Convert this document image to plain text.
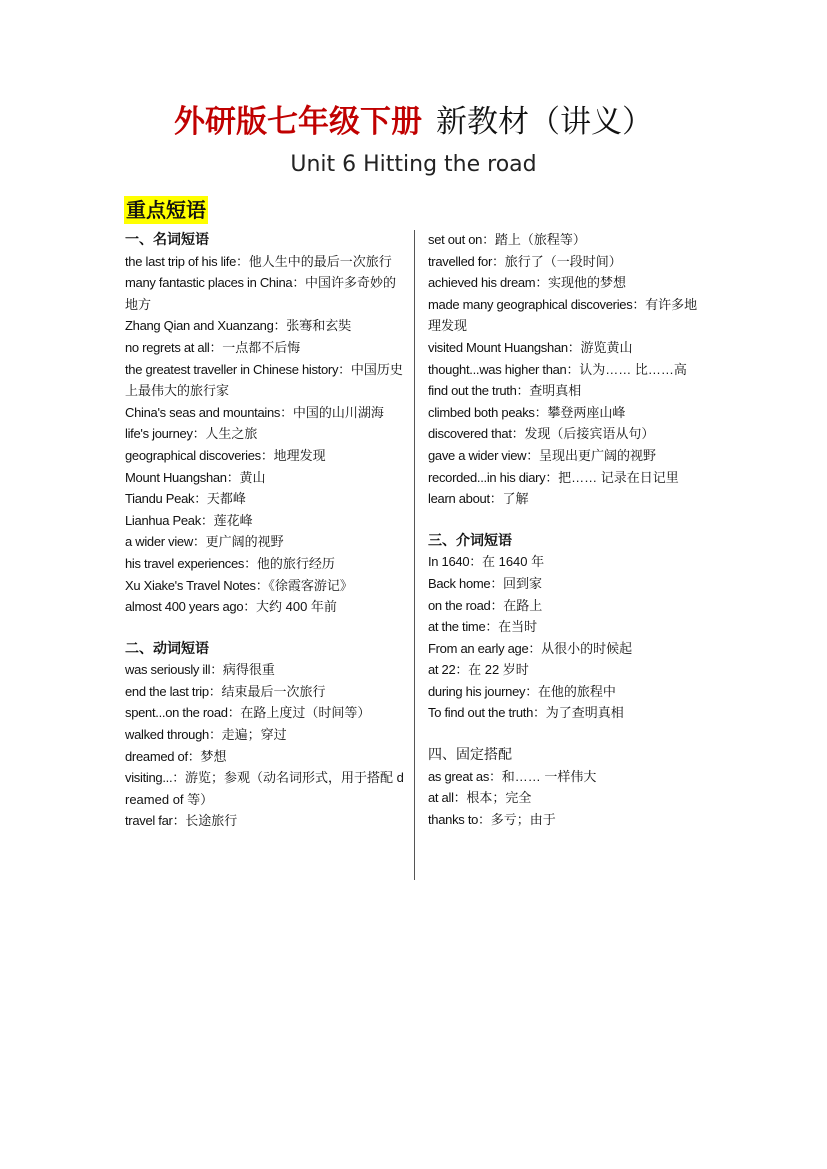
外研版七年级下册 新教材（讲义）
Unit 6 Hitting the road
重点短语
一、名词短语
the last trip of his life：他人生中的最后一次旅行
many fantastic places in China：中国许多奇妙的地方
Zhang Qian and Xuanzang：张骞和玄奘
no regrets at all：一点都不后悔
the greatest traveller in Chinese history：中国历史上最伟大的旅行家
China's seas and mountains：中国的山川湖海
life's journey：人生之旅
geographical discoveries：地理发现
Mount Huangshan：黄山
Tiandu Peak：天都峰
Lianhua Peak：莲花峰
a wider view：更广阔的视野
his travel experiences：他的旅行经历
Xu Xiake's Travel Notes：《徐霞客游记》
almost 400 years ago：大约 400 年前
二、动词短语
was seriously ill：病得很重
end the last trip：结束最后一次旅行
spent...on the road：在路上度过（时间等）
walked through：走遍；穿过
dreamed of：梦想
visiting...：游览；参观（动名词形式，用于搭配 dreamed of 等）
travel far：长途旅行
set out on：踏上（旅程等）
travelled for：旅行了（一段时间）
achieved his dream：实现他的梦想
made many geographical discoveries：有许多地理发现
visited Mount Huangshan：游览黄山
thought...was higher than：认为…… 比……高
find out the truth：查明真相
climbed both peaks：攀登两座山峰
discovered that：发现（后接宾语从句）
gave a wider view：呈现出更广阔的视野
recorded...in his diary：把…… 记录在日记里
learn about：了解
三、介词短语
In 1640：在 1640 年
Back home：回到家
on the road：在路上
at the time：在当时
From an early age：从很小的时候起
at 22：在 22 岁时
during his journey：在他的旅程中
To find out the truth：为了查明真相
四、固定搭配
as great as：和…… 一样伟大
at all：根本；完全
thanks to：多亏；由于
